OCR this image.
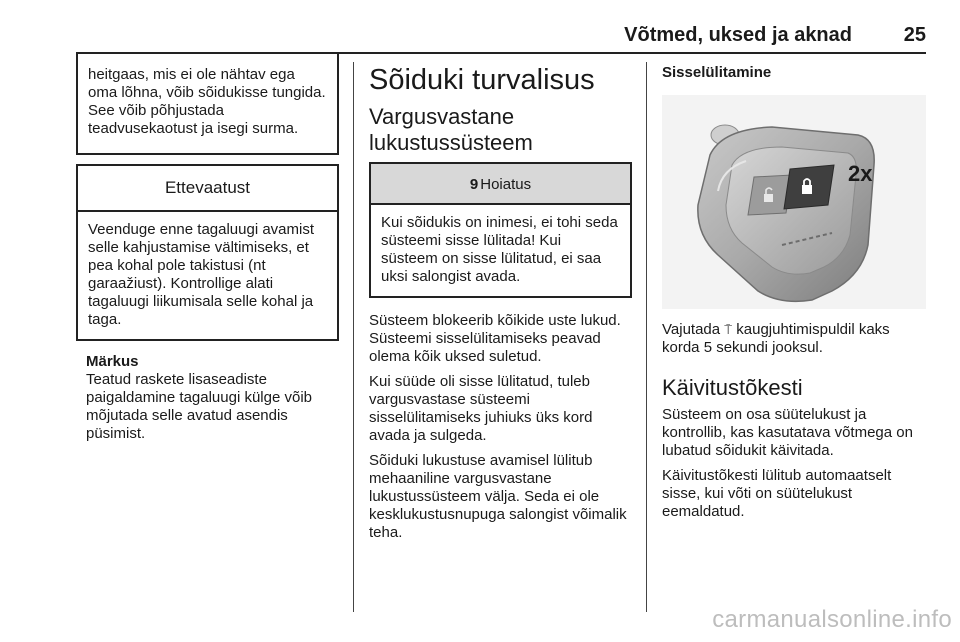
Võtmed, uksed ja aknad	25

heitgaas, mis ei ole nähtav ega oma lõhna, võib sõidukisse tungida. See võib põhjustada teadvusekaotust ja isegi surma.

Ettevaatust

Veenduge enne tagaluugi avamist selle kahjustamise vältimiseks, et pea kohal pole takistusi (nt garaažiust). Kontrollige alati tagaluugi liikumisala selle kohal ja taga.

Märkus

Teatud raskete lisaseadiste paigaldamine tagaluugi külge võib mõjutada selle avatud asendis püsimist.

Sõiduki turvalisus
Vargusvastane
lukustussüsteem
9 Hoiatus

Kui sõidukis on inimesi, ei tohi seda süsteemi sisse lülitada! Kui süsteem on sisse lülitatud, ei saa uksi salongist avada.

Süsteem blokeerib kõikide uste lukud. Süsteemi sisselülitamiseks peavad olema kõik uksed suletud.

Kui süüde oli sisse lülitatud, tuleb vargusvastase süsteemi sisselülitamiseks juhiuks üks kord avada ja sulgeda.

Sõiduki lukustuse avamisel lülitub mehaaniline vargusvastane lukustussüsteem välja. Seda ei ole kesklukustusnupuga salongist võimalik teha.

Sisselülitamine
2x

Vajutada ⍑ kaugjuhtimispuldil kaks korda 5 sekundi jooksul.

Käivitustõkesti

Süsteem on osa süütelukust ja kontrollib, kas kasutatava võtmega on lubatud sõidukit käivitada.

Käivitustõkesti lülitub automaatselt sisse, kui võti on süütelukust eemaldatud.

carmanualsonline.info
